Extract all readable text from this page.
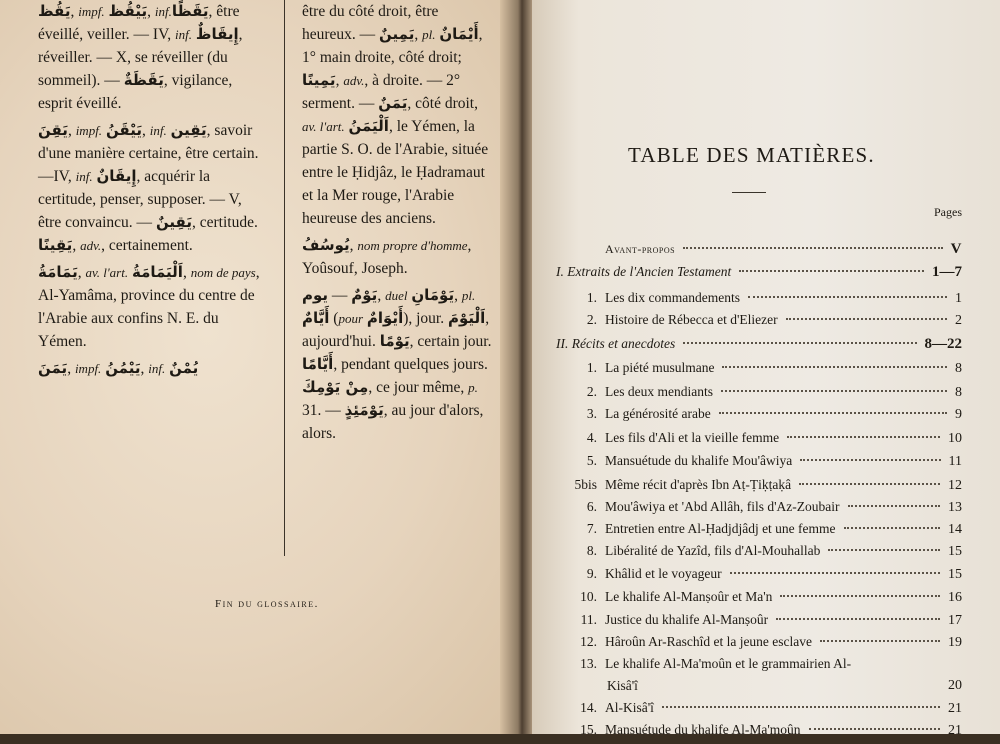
يَقُظ, impf. يَيْقُظ, inf.يَقَظًا, être éveillé, veiller. — IV, inf. إِيقَاظٌ, réveiller. — X, se réveiller (du sommeil). — يَقَظَةٌ, vigilance, esprit éveillé.

يَقِنَ, impf. يَيْقَنُ, inf. يَقِين, savoir d'une manière certaine, être certain.—IV, inf. إِيقَانٌ, acquérir la certitude, penser, supposer. — V, être convaincu. — يَقِينٌ, certitude. يَقِينًا, adv., certainement.

يَمَامَةُ, av. l'art. اَلْيَمَامَةُ, nom de pays, Al-Yamâma, province du centre de l'Arabie aux confins N. E. du Yémen.

يَمَنَ, impf. يَيْمُنُ, inf. يُمْنٌ

être du côté droit, être heureux. — يَمِينٌ, pl. أَيْمَانٌ, 1° main droite, côté droit; يَمِينًا, adv., à droite. — 2° serment. — يَمَنٌ, côté droit, av. l'art. اَلْيَمَنُ, le Yémen, la partie S. O. de l'Arabie, située entre le Ḥidjâz, le Ḥadramaut et la Mer rouge, l'Arabie heureuse des anciens.

يُوسُفُ, nom propre d'homme, Yoûsouf, Joseph.

يوم — يَوْمٌ, duel يَوْمَانِ, pl. أَيَّامٌ (pour أَيْوَامٌ), jour. اَلْيَوْمَ, aujourd'hui. يَوْمًا, certain jour. أَيَّامًا, pendant quelques jours. مِنْ يَوْمِكَ, ce jour même, p. 31. — يَوْمَئِذٍ, au jour d'alors, alors.

Fin du glossaire.
TABLE DES MATIÈRES.
Pages
Avant-propos	V
I. Extraits de l'Ancien Testament	1—7
1. Les dix commandements	1
2. Histoire de Rébecca et d'Eliezer	2
II. Récits et anecdotes	8—22
1. La piété musulmane	8
2. Les deux mendiants	8
3. La générosité arabe	9
4. Les fils d'Ali et la vieille femme	10
5. Mansuétude du khalife Mou'âwiya	11
5bis Même récit d'après Ibn Aṭ-Ṭiḳṭaḳâ	12
6. Mou'âwiya et 'Abd Allâh, fils d'Az-Zoubair	13
7. Entretien entre Al-Ḥadjdjâdj et une femme	14
8. Libéralité de Yazîd, fils d'Al-Mouhallab	15
9. Khâlid et le voyageur	15
10. Le khalife Al-Manṣoûr et Ma'n	16
11. Justice du khalife Al-Manṣoûr	17
12. Hâroûn Ar-Raschîd et la jeune esclave	19
13. Le khalife Al-Ma'moûn et le grammairien Al-
Kisâ'î	20
14. Al-Kisâ'î	21
15. Mansuétude du khalife Al-Ma'moûn	21
